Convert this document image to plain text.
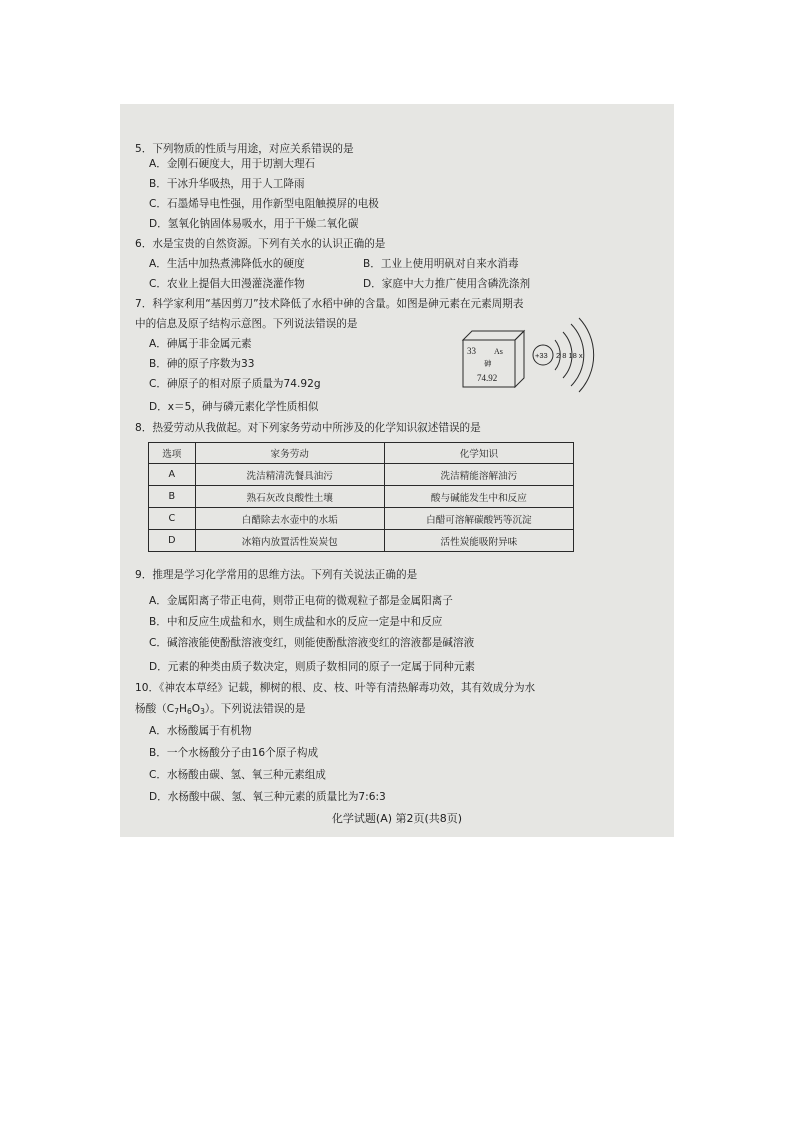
5．下列物质的性质与用途，对应关系错误的是
A．金刚石硬度大，用于切割大理石
B．干冰升华吸热，用于人工降雨
C．石墨烯导电性强，用作新型电阻触摸屏的电极
D．氢氧化钠固体易吸水，用于干燥二氧化碳
6．水是宝贵的自然资源。下列有关水的认识正确的是
A．生活中加热煮沸降低水的硬度	B．工业上使用明矾对自来水消毒
C．农业上提倡大田漫灌浇灌作物	D．家庭中大力推广使用含磷洗涤剂
7．科学家利用“基因剪刀”技术降低了水稻中砷的含量。如图是砷元素在元素周期表
中的信息及原子结构示意图。下列说法错误的是
A．砷属于非金属元素
B．砷的原子序数为33
C．砷原子的相对原子质量为74.92g
D．x＝5，砷与磷元素化学性质相似
33 As
砷
74.92
+33 2 8 18 x
8．热爱劳动从我做起。对下列家务劳动中所涉及的化学知识叙述错误的是
选项	家务劳动	化学知识
A	洗洁精清洗餐具油污	洗洁精能溶解油污
B	熟石灰改良酸性土壤	酸与碱能发生中和反应
C	白醋除去水壶中的水垢	白醋可溶解碳酸钙等沉淀
D	冰箱内放置活性炭炭包	活性炭能吸附异味
9．推理是学习化学常用的思维方法。下列有关说法正确的是
A．金属阳离子带正电荷，则带正电荷的微观粒子都是金属阳离子
B．中和反应生成盐和水，则生成盐和水的反应一定是中和反应
C．碱溶液能使酚酞溶液变红，则能使酚酞溶液变红的溶液都是碱溶液
D．元素的种类由质子数决定，则质子数相同的原子一定属于同种元素
10．《神农本草经》记载，柳树的根、皮、枝、叶等有清热解毒功效，其有效成分为水
杨酸$(C_7H_6O_3)$。下列说法错误的是
A．水杨酸属于有机物
B．一个水杨酸分子由16个原子构成
C．水杨酸由碳、氢、氧三种元素组成
D．水杨酸中碳、氢、氧三种元素的质量比为7:6:3
化学试题(A) 第2页(共8页)
